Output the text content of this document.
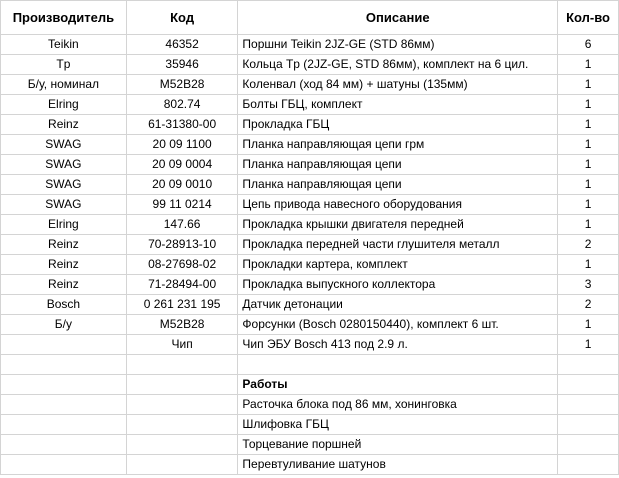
Производитель	Код	Описание	Кол-во
Teikin	46352	Поршни Teikin 2JZ-GE (STD 86мм)	6
Tp	35946	Кольца Tp (2JZ-GE, STD 86мм), комплект на 6 цил.	1
Б/у, номинал	M52B28	Коленвал (ход 84 мм) + шатуны (135мм)	1
Elring	802.74	Болты ГБЦ, комплект	1
Reinz	61-31380-00	Прокладка ГБЦ	1
SWAG	20 09 1100	Планка направляющая цепи грм	1
SWAG	20 09 0004	Планка направляющая цепи	1
SWAG	20 09 0010	Планка направляющая цепи	1
SWAG	99 11 0214	Цепь привода навесного оборудования	1
Elring	147.66	Прокладка крышки двигателя передней	1
Reinz	70-28913-10	Прокладка передней части глушителя металл	2
Reinz	08-27698-02	Прокладки картера, комплект	1
Reinz	71-28494-00	Прокладка выпускного коллектора	3
Bosch	0 261 231 195	Датчик детонации	2
Б/у	M52B28	Форсунки (Bosch 0280150440), комплект 6 шт.	1
	Чип	Чип ЭБУ Bosch 413 под 2.9 л.	1

		Работы	
		Расточка блока под 86 мм, хонинговка	
		Шлифовка ГБЦ	
		Торцевание поршней	
		Перевтуливание шатунов	
